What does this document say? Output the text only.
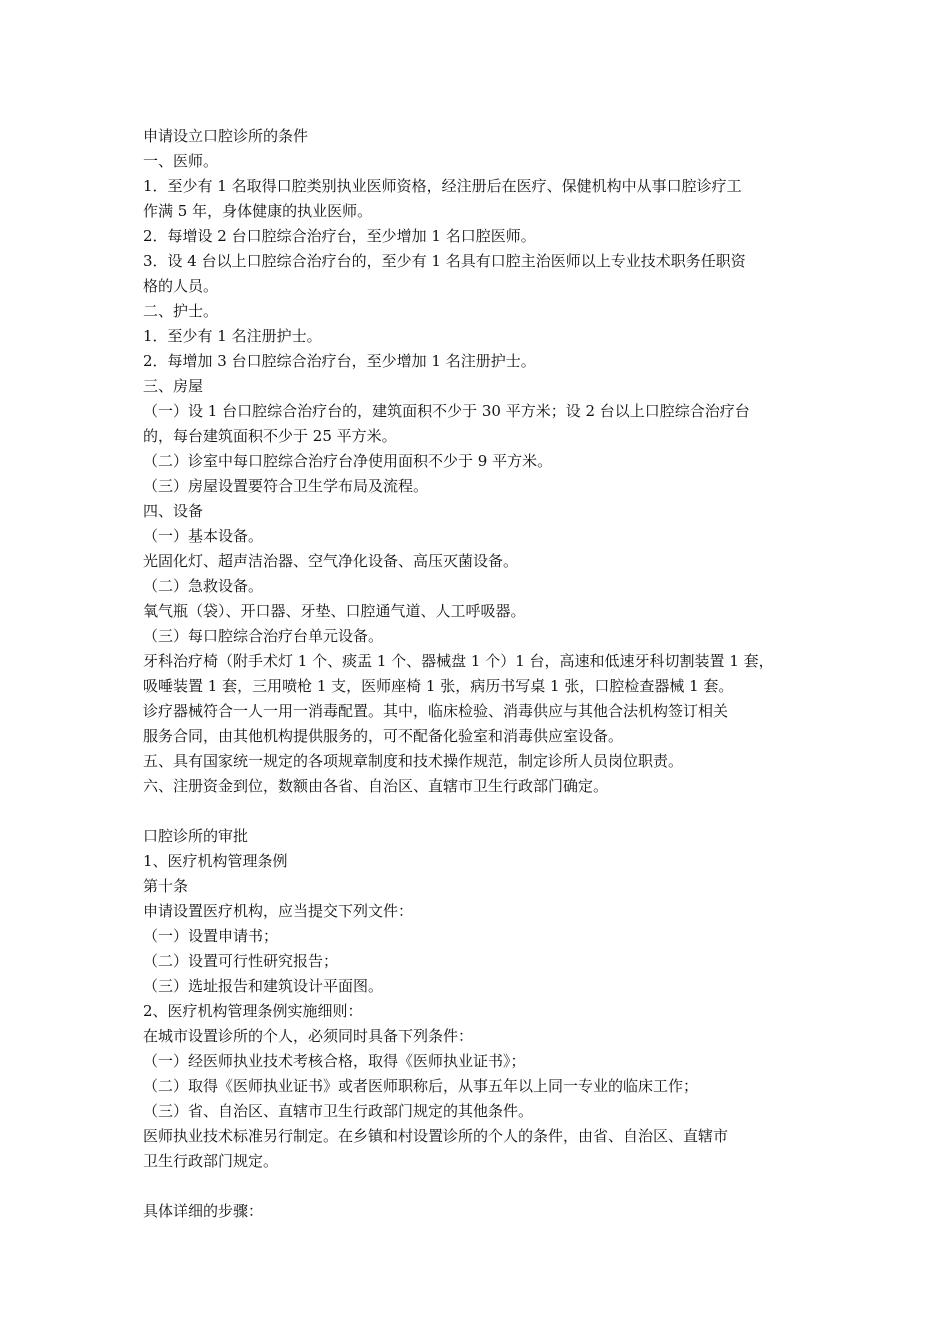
申请设立口腔诊所的条件
一、医师。
1．至少有 1 名取得口腔类别执业医师资格，经注册后在医疗、保健机构中从事口腔诊疗工
作满 5 年，身体健康的执业医师。
2．每增设 2 台口腔综合治疗台，至少增加 1 名口腔医师。
3．设 4 台以上口腔综合治疗台的，至少有 1 名具有口腔主治医师以上专业技术职务任职资
格的人员。
二、护士。
1．至少有 1 名注册护士。
2．每增加 3 台口腔综合治疗台，至少增加 1 名注册护士。
三、房屋
（一）设 1 台口腔综合治疗台的，建筑面积不少于 30 平方米；设 2 台以上口腔综合治疗台
的，每台建筑面积不少于 25 平方米。
（二）诊室中每口腔综合治疗台净使用面积不少于 9 平方米。
（三）房屋设置要符合卫生学布局及流程。
四、设备
（一）基本设备。
光固化灯、超声洁治器、空气净化设备、高压灭菌设备。
（二）急救设备。
氧气瓶（袋）、开口器、牙垫、口腔通气道、人工呼吸器。
（三）每口腔综合治疗台单元设备。
牙科治疗椅（附手术灯 1 个、痰盂 1 个、器械盘 1 个）1 台，高速和低速牙科切割装置 1 套，
吸唾装置 1 套，三用喷枪 1 支，医师座椅 1 张，病历书写桌 1 张，口腔检查器械 1 套。
诊疗器械符合一人一用一消毒配置。其中，临床检验、消毒供应与其他合法机构签订相关
服务合同，由其他机构提供服务的，可不配备化验室和消毒供应室设备。
五、具有国家统一规定的各项规章制度和技术操作规范，制定诊所人员岗位职责。
六、注册资金到位，数额由各省、自治区、直辖市卫生行政部门确定。
口腔诊所的审批
1、医疗机构管理条例
第十条
申请设置医疗机构，应当提交下列文件：
（一）设置申请书；
（二）设置可行性研究报告；
（三）选址报告和建筑设计平面图。
2、医疗机构管理条例实施细则：
在城市设置诊所的个人，必须同时具备下列条件：
（一）经医师执业技术考核合格，取得《医师执业证书》；
（二）取得《医师执业证书》或者医师职称后，从事五年以上同一专业的临床工作；
（三）省、自治区、直辖市卫生行政部门规定的其他条件。
医师执业技术标准另行制定。在乡镇和村设置诊所的个人的条件，由省、自治区、直辖市
卫生行政部门规定。
具体详细的步骤：
